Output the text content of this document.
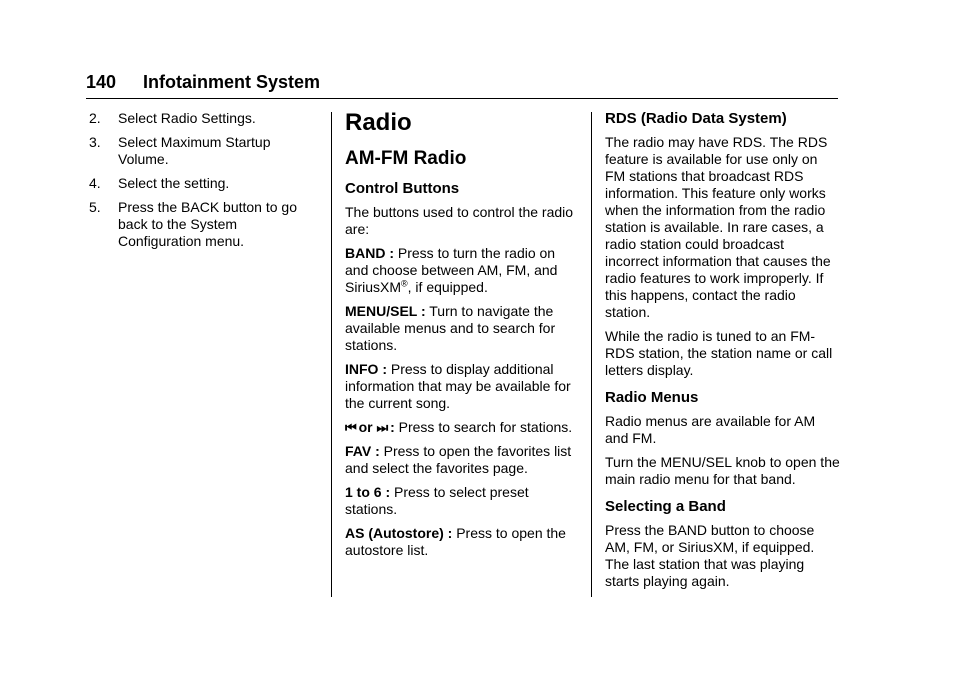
140 Infotainment System
2. Select Radio Settings.
3. Select Maximum Startup Volume.
4. Select the setting.
5. Press the BACK button to go back to the System Configuration menu.
Radio
AM-FM Radio
Control Buttons

The buttons used to control the radio are:

BAND : Press to turn the radio on and choose between AM, FM, and SiriusXM®, if equipped.

MENU/SEL : Turn to navigate the available menus and to search for stations.

INFO : Press to display additional information that may be available for the current song.

⏮ or ⏭ : Press to search for stations.

FAV : Press to open the favorites list and select the favorites page.

1 to 6 : Press to select preset stations.

AS (Autostore) : Press to open the autostore list.

RDS (Radio Data System)

The radio may have RDS. The RDS feature is available for use only on FM stations that broadcast RDS information. This feature only works when the information from the radio station is available. In rare cases, a radio station could broadcast incorrect information that causes the radio features to work improperly. If this happens, contact the radio station.

While the radio is tuned to an FM-RDS station, the station name or call letters display.

Radio Menus

Radio menus are available for AM and FM.

Turn the MENU/SEL knob to open the main radio menu for that band.

Selecting a Band

Press the BAND button to choose AM, FM, or SiriusXM, if equipped. The last station that was playing starts playing again.
